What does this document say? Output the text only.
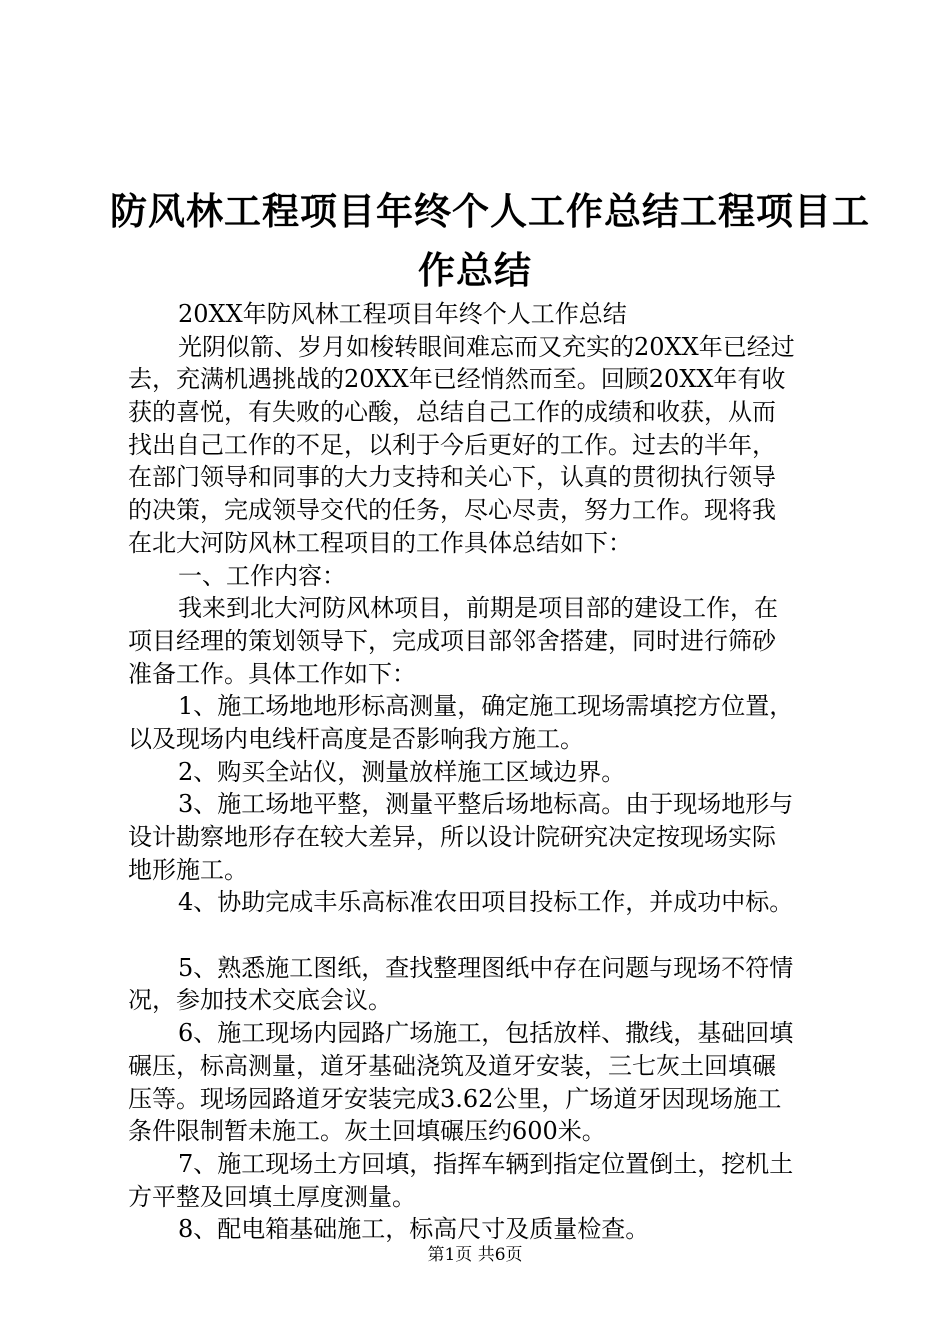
防风林工程项目年终个人工作总结工程项目工
作总结
20XX年防风林工程项目年终个人工作总结
光阴似箭、岁月如梭转眼间难忘而又充实的20XX年已经过
去，充满机遇挑战的20XX年已经悄然而至。回顾20XX年有收
获的喜悦，有失败的心酸，总结自己工作的成绩和收获，从而
找出自己工作的不足，以利于今后更好的工作。过去的半年，
在部门领导和同事的大力支持和关心下，认真的贯彻执行领导
的决策，完成领导交代的任务，尽心尽责，努力工作。现将我
在北大河防风林工程项目的工作具体总结如下：
一、工作内容：
我来到北大河防风林项目，前期是项目部的建设工作，在
项目经理的策划领导下，完成项目部邻舍搭建，同时进行筛砂
准备工作。具体工作如下：
1、施工场地地形标高测量，确定施工现场需填挖方位置，
以及现场内电线杆高度是否影响我方施工。
2、购买全站仪，测量放样施工区域边界。
3、施工场地平整，测量平整后场地标高。由于现场地形与
设计勘察地形存在较大差异，所以设计院研究决定按现场实际
地形施工。
4、协助完成丰乐高标准农田项目投标工作，并成功中标。
5、熟悉施工图纸，查找整理图纸中存在问题与现场不符情
况，参加技术交底会议。
6、施工现场内园路广场施工，包括放样、撒线，基础回填
碾压，标高测量，道牙基础浇筑及道牙安装，三七灰土回填碾
压等。现场园路道牙安装完成3.62公里，广场道牙因现场施工
条件限制暂未施工。灰土回填碾压约600米。
7、施工现场土方回填，指挥车辆到指定位置倒土，挖机土
方平整及回填土厚度测量。
8、配电箱基础施工，标高尺寸及质量检查。
第1页 共6页
